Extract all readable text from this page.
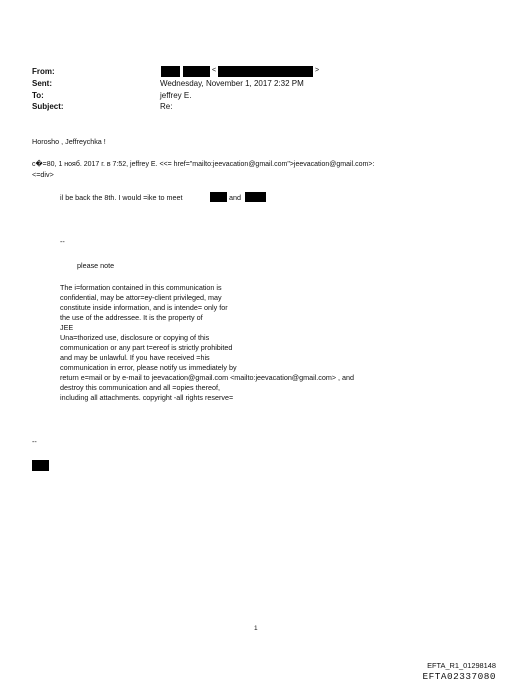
From:
Sent:
To:
Subject:
<	>
Wednesday, November 1, 2017 2:32 PM
jeffrey E.
Re:
Horosho , Jeffreychka !
c�=80, 1 нояб. 2017 г. в 7:52, jeffrey E. <<= href="mailto:jeevacation@gmail.com">jeevacation@gmail.com>:
<=div>
il be back the 8th. I would =ike to meet	and
--
please note
The i=formation contained in this communication is
confidential, may be attor=ey-client privileged, may
constitute inside information, and is intende= only for
the use of the addressee. It is the property of
JEE
Una=thorized use, disclosure or copying of this
communication or any part t=ereof is strictly prohibited
and may be unlawful. If you have received =his
communication in error, please notify us immediately by
return e=mail or by e-mail to jeevacation@gmail.com <mailto:jeevacation@gmail.com> , and
destroy this communication and all =opies thereof,
including all attachments. copyright -all rights reserve=
--
1
EFTA_R1_01298148
EFTA02337080
